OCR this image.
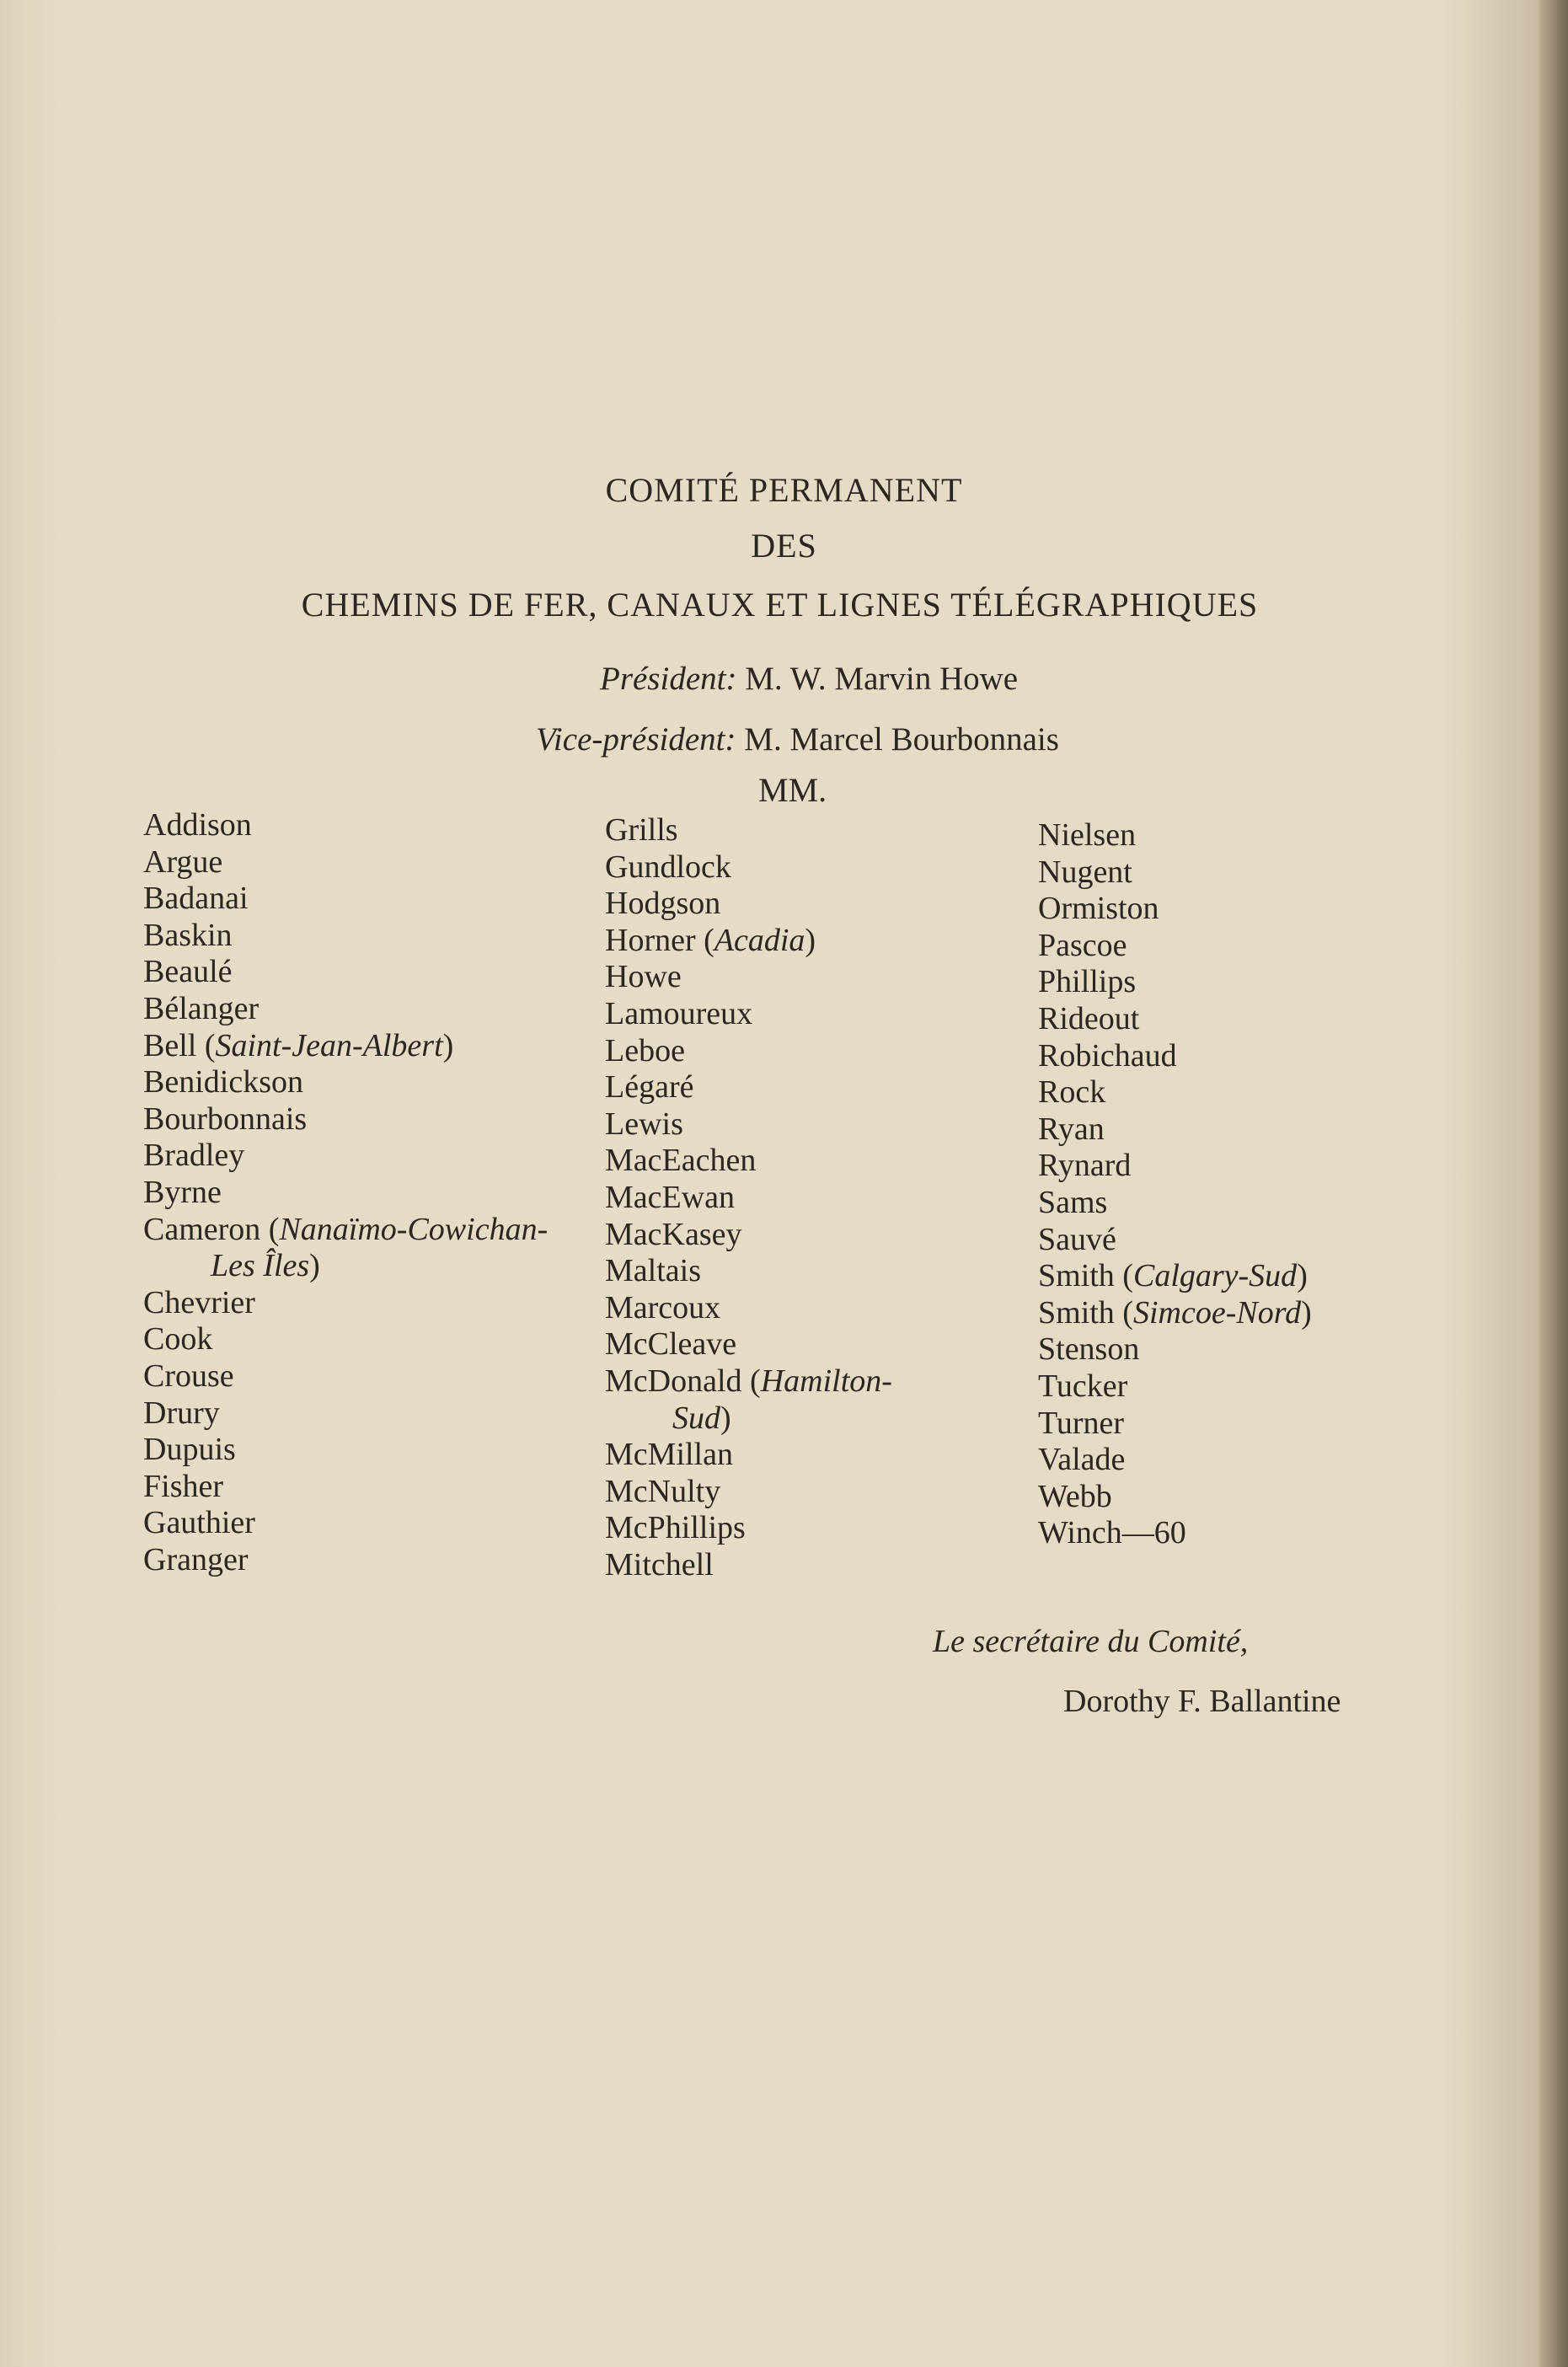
COMITÉ PERMANENT
DES
CHEMINS DE FER, CANAUX ET LIGNES TÉLÉGRAPHIQUES
Président: M. W. Marvin Howe
Vice-président: M. Marcel Bourbonnais
MM.
Addison
Argue
Badanai
Baskin
Beaulé
Bélanger
Bell (Saint-Jean-Albert)
Benidickson
Bourbonnais
Bradley
Byrne
Cameron (Nanaïmo-Cowichan-
Les Îles)
Chevrier
Cook
Crouse
Drury
Dupuis
Fisher
Gauthier
Granger
Grills
Gundlock
Hodgson
Horner (Acadia)
Howe
Lamoureux
Leboe
Légaré
Lewis
MacEachen
MacEwan
MacKasey
Maltais
Marcoux
McCleave
McDonald (Hamilton-
Sud)
McMillan
McNulty
McPhillips
Mitchell
Nielsen
Nugent
Ormiston
Pascoe
Phillips
Rideout
Robichaud
Rock
Ryan
Rynard
Sams
Sauvé
Smith (Calgary-Sud)
Smith (Simcoe-Nord)
Stenson
Tucker
Turner
Valade
Webb
Winch—60
Le secrétaire du Comité,
Dorothy F. Ballantine
